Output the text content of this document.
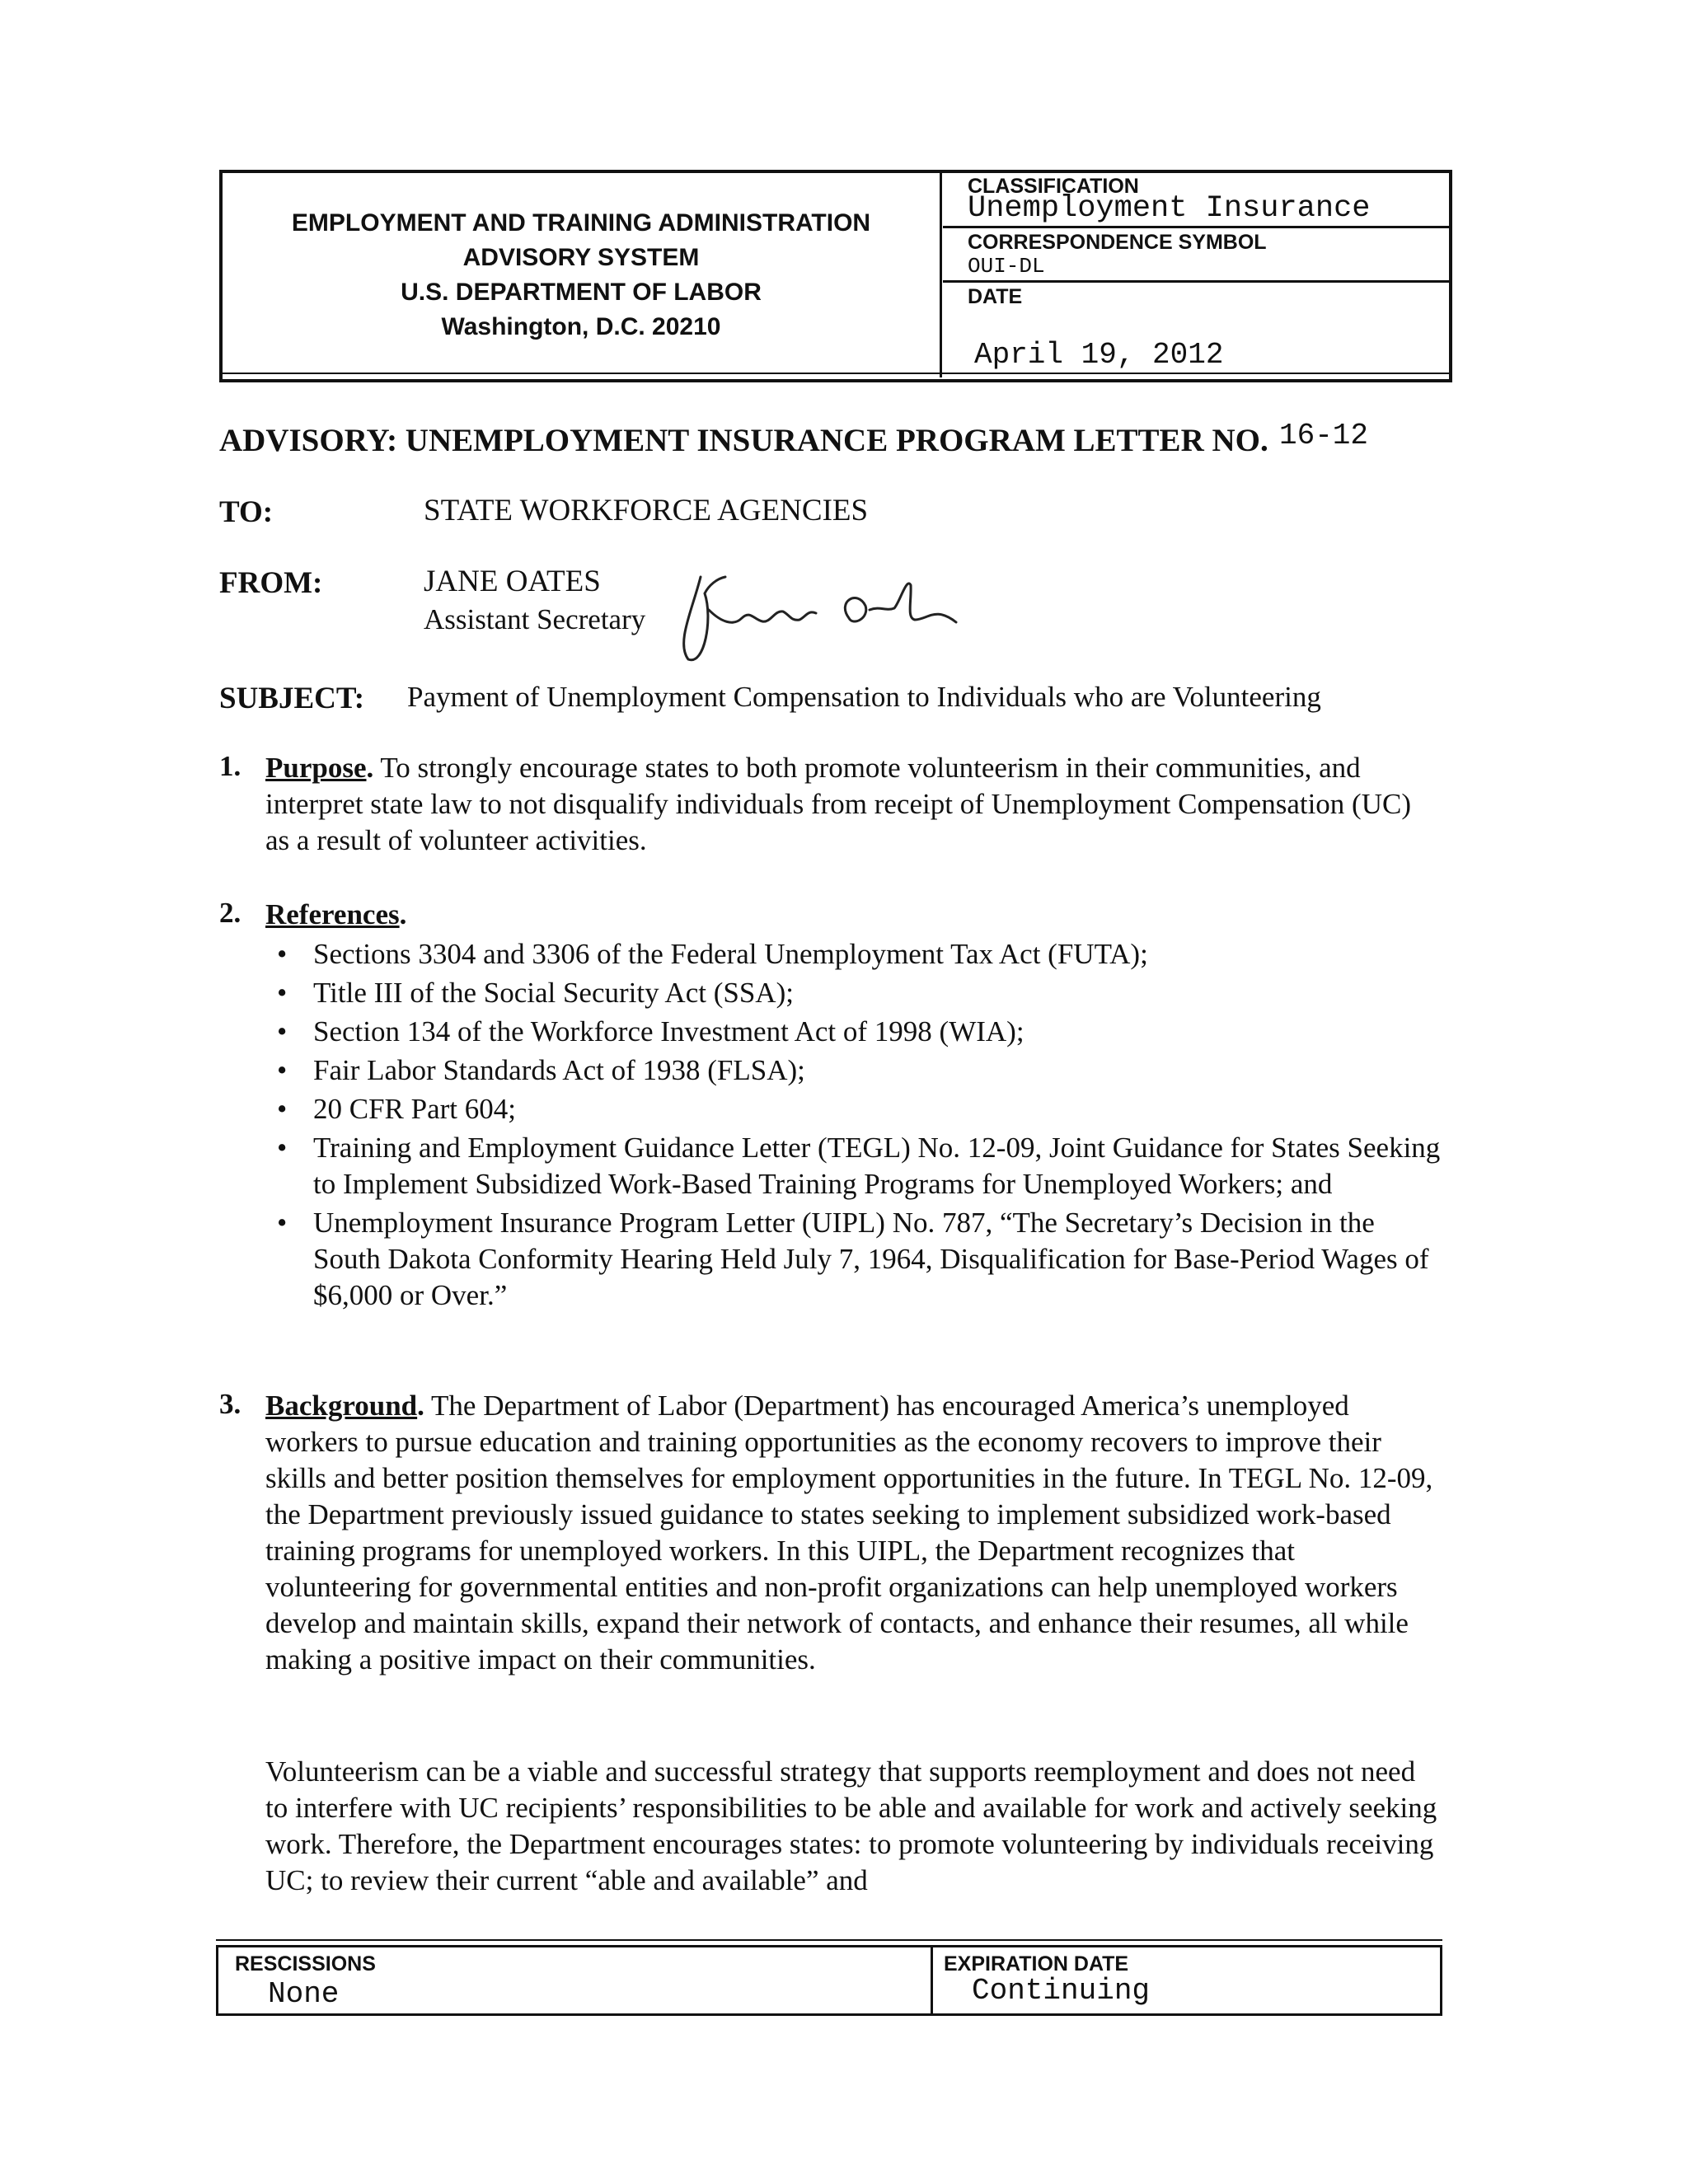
EMPLOYMENT AND TRAINING ADMINISTRATION
ADVISORY SYSTEM
U.S. DEPARTMENT OF LABOR
Washington, D.C. 20210
CLASSIFICATION
Unemployment Insurance
CORRESPONDENCE SYMBOL
OUI-DL
DATE
April 19, 2012
ADVISORY: UNEMPLOYMENT INSURANCE PROGRAM LETTER NO. 16-12
TO:	STATE WORKFORCE AGENCIES
FROM:	JANE OATES
Assistant Secretary
SUBJECT: Payment of Unemployment Compensation to Individuals who are Volunteering
1. Purpose. To strongly encourage states to both promote volunteerism in their communities, and interpret state law to not disqualify individuals from receipt of Unemployment Compensation (UC) as a result of volunteer activities.
2. References.
• Sections 3304 and 3306 of the Federal Unemployment Tax Act (FUTA);
• Title III of the Social Security Act (SSA);
• Section 134 of the Workforce Investment Act of 1998 (WIA);
• Fair Labor Standards Act of 1938 (FLSA);
• 20 CFR Part 604;
• Training and Employment Guidance Letter (TEGL) No. 12-09, Joint Guidance for States Seeking to Implement Subsidized Work-Based Training Programs for Unemployed Workers; and
• Unemployment Insurance Program Letter (UIPL) No. 787, “The Secretary’s Decision in the South Dakota Conformity Hearing Held July 7, 1964, Disqualification for Base-Period Wages of $6,000 or Over.”
3. Background. The Department of Labor (Department) has encouraged America’s unemployed workers to pursue education and training opportunities as the economy recovers to improve their skills and better position themselves for employment opportunities in the future. In TEGL No. 12-09, the Department previously issued guidance to states seeking to implement subsidized work-based training programs for unemployed workers. In this UIPL, the Department recognizes that volunteering for governmental entities and non-profit organizations can help unemployed workers develop and maintain skills, expand their network of contacts, and enhance their resumes, all while making a positive impact on their communities.
Volunteerism can be a viable and successful strategy that supports reemployment and does not need to interfere with UC recipients’ responsibilities to be able and available for work and actively seeking work. Therefore, the Department encourages states: to promote volunteering by individuals receiving UC; to review their current “able and available” and
RESCISSIONS
None
EXPIRATION DATE
Continuing
